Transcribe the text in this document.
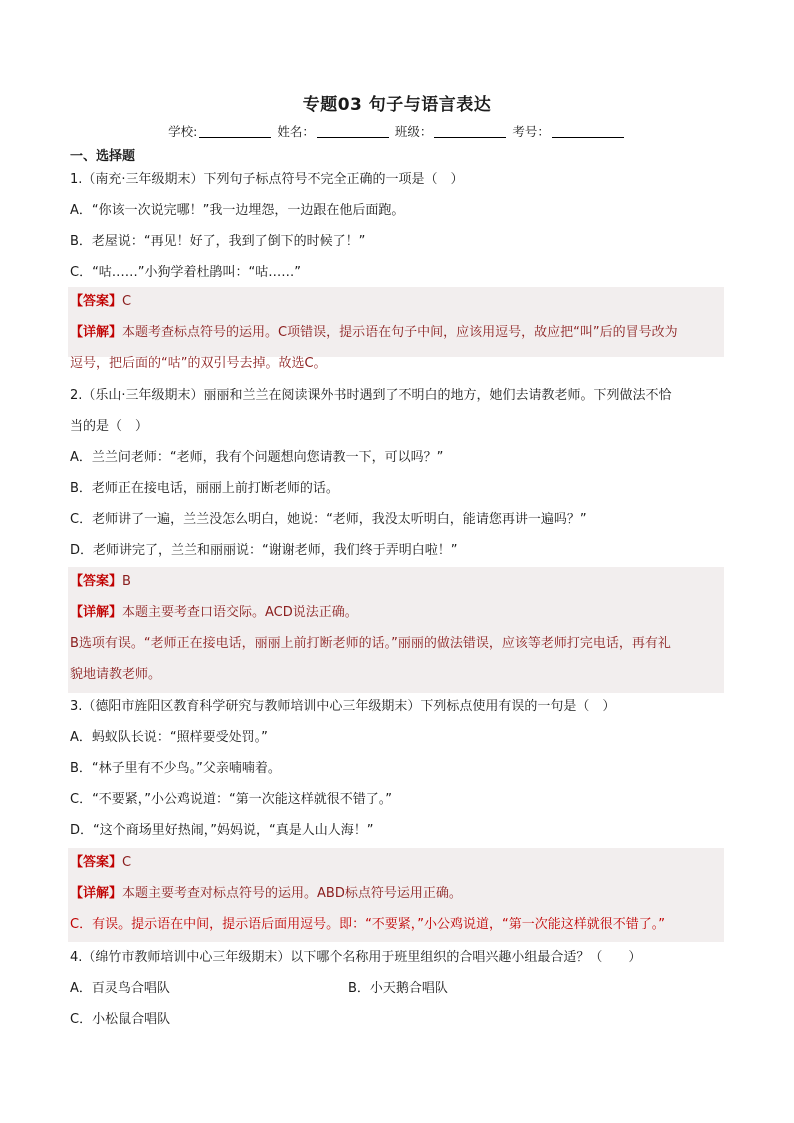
专题03 句子与语言表达
学校:	姓名：	班级：	考号：
一、选择题
1.（南充·三年级期末）下列句子标点符号不完全正确的一项是（　）
A．“你该一次说完哪！”我一边埋怨，一边跟在他后面跑。
B．老屋说：“再见！好了，我到了倒下的时候了！”
C．“咕……”小狗学着杜鹃叫：“咕……”
【答案】C
【详解】本题考查标点符号的运用。C项错误，提示语在句子中间，应该用逗号，故应把“叫”后的冒号改为
逗号，把后面的“咕”的双引号去掉。故选C。
2.（乐山·三年级期末）丽丽和兰兰在阅读课外书时遇到了不明白的地方，她们去请教老师。下列做法不恰
当的是（　）
A．兰兰问老师：“老师，我有个问题想向您请教一下，可以吗？”
B．老师正在接电话，丽丽上前打断老师的话。
C．老师讲了一遍，兰兰没怎么明白，她说：“老师，我没太听明白，能请您再讲一遍吗？”
D．老师讲完了，兰兰和丽丽说：“谢谢老师，我们终于弄明白啦！”
【答案】B
【详解】本题主要考查口语交际。ACD说法正确。
B选项有误。“老师正在接电话，丽丽上前打断老师的话。”丽丽的做法错误，应该等老师打完电话，再有礼
貌地请教老师。
3.（德阳市旌阳区教育科学研究与教师培训中心三年级期末）下列标点使用有误的一句是（　）
A．蚂蚁队长说：“照样要受处罚。”
B．“林子里有不少鸟。”父亲喃喃着。
C．“不要紧，”小公鸡说道：“第一次能这样就很不错了。”
D．“这个商场里好热闹，”妈妈说，“真是人山人海！”
【答案】C
【详解】本题主要考查对标点符号的运用。ABD标点符号运用正确。
C．有误。提示语在中间，提示语后面用逗号。即：“不要紧，”小公鸡说道，“第一次能这样就很不错了。”
4.（绵竹市教师培训中心三年级期末）以下哪个名称用于班里组织的合唱兴趣小组最合适？（　　）
A．百灵鸟合唱队	B．小天鹅合唱队
C．小松鼠合唱队
